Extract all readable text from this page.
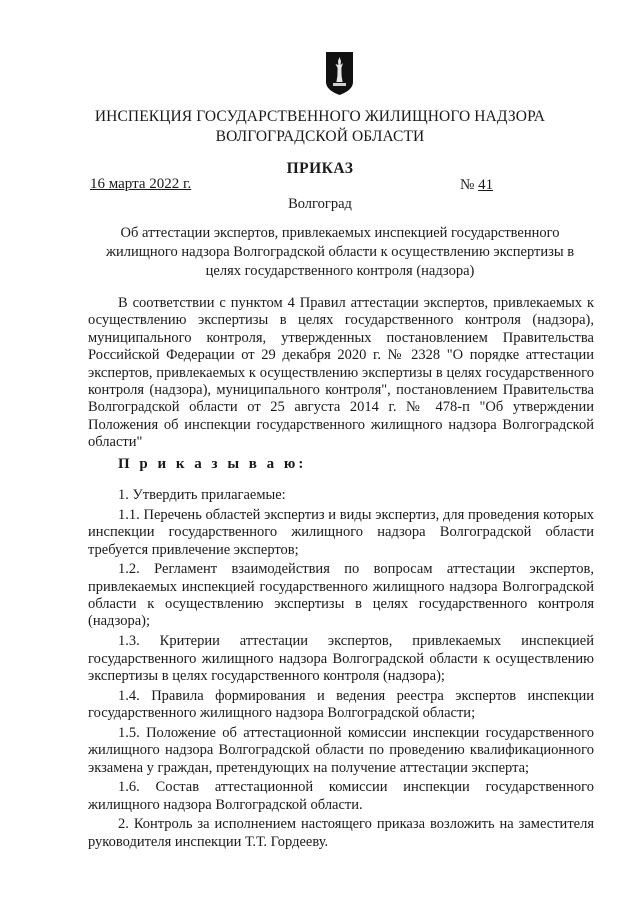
ИНСПЕКЦИЯ ГОСУДАРСТВЕННОГО ЖИЛИЩНОГО НАДЗОРА
ВОЛГОГРАДСКОЙ ОБЛАСТИ
ПРИКАЗ
16 марта 2022 г.	№ 41
Волгоград
Об аттестации экспертов, привлекаемых инспекцией государственного жилищного надзора Волгоградской области к осуществлению экспертизы в целях государственного контроля (надзора)
В соответствии с пунктом 4 Правил аттестации экспертов, привлекаемых к осуществлению экспертизы в целях государственного контроля (надзора), муниципального контроля, утвержденных постановлением Правительства Российской Федерации от 29 декабря 2020 г. № 2328 "О порядке аттестации экспертов, привлекаемых к осуществлению экспертизы в целях государственного контроля (надзора), муниципального контроля", постановлением Правительства Волгоградской области от 25 августа 2014 г. № 478-п "Об утверждении Положения об инспекции государственного жилищного надзора Волгоградской области"
П р и к а з ы в а ю:

1. Утвердить прилагаемые:

1.1. Перечень областей экспертиз и виды экспертиз, для проведения которых инспекции государственного жилищного надзора Волгоградской области требуется привлечение экспертов;

1.2. Регламент взаимодействия по вопросам аттестации экспертов, привлекаемых инспекцией государственного жилищного надзора Волгоградской области к осуществлению экспертизы в целях государственного контроля (надзора);

1.3. Критерии аттестации экспертов, привлекаемых инспекцией государственного жилищного надзора Волгоградской области к осуществлению экспертизы в целях государственного контроля (надзора);

1.4. Правила формирования и ведения реестра экспертов инспекции государственного жилищного надзора Волгоградской области;

1.5. Положение об аттестационной комиссии инспекции государственного жилищного надзора Волгоградской области по проведению квалификационного экзамена у граждан, претендующих на получение аттестации эксперта;

1.6. Состав аттестационной комиссии инспекции государственного жилищного надзора Волгоградской области.

2. Контроль за исполнением настоящего приказа возложить на заместителя руководителя инспекции Т.Т. Гордееву.
